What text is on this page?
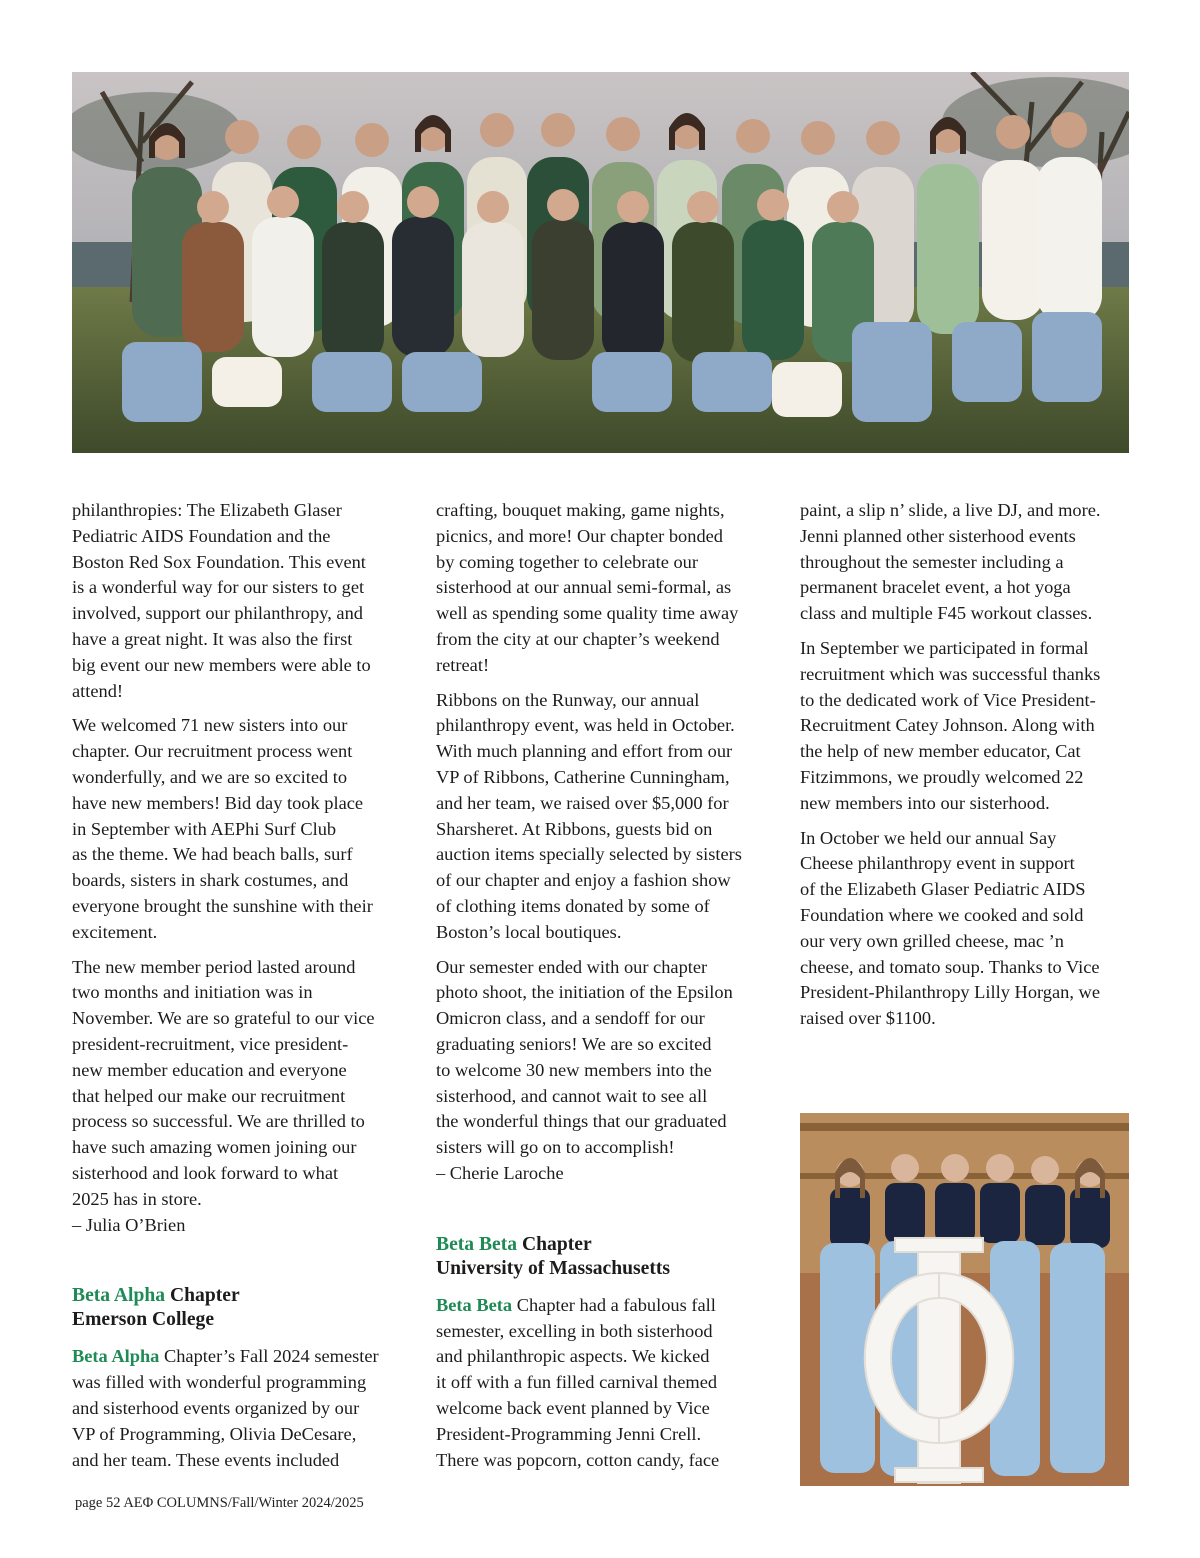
philanthropies: The Elizabeth Glaser
Pediatric AIDS Foundation and the
Boston Red Sox Foundation. This event
is a wonderful way for our sisters to get
involved, support our philanthropy, and
have a great night. It was also the first
big event our new members were able to
attend!

We welcomed 71 new sisters into our
chapter. Our recruitment process went
wonderfully, and we are so excited to
have new members! Bid day took place
in September with AEPhi Surf Club
as the theme. We had beach balls, surf
boards, sisters in shark costumes, and
everyone brought the sunshine with their
excitement.

The new member period lasted around
two months and initiation was in
November. We are so grateful to our vice
president-recruitment, vice president-
new member education and everyone
that helped our make our recruitment
process so successful. We are thrilled to
have such amazing women joining our
sisterhood and look forward to what
2025 has in store.

– Julia O’Brien

Beta Alpha Chapter
Emerson College

Beta Alpha Chapter’s Fall 2024 semester
was filled with wonderful programming
and sisterhood events organized by our
VP of Programming, Olivia DeCesare,
and her team. These events included

crafting, bouquet making, game nights,
picnics, and more! Our chapter bonded
by coming together to celebrate our
sisterhood at our annual semi-formal, as
well as spending some quality time away
from the city at our chapter’s weekend
retreat!

Ribbons on the Runway, our annual
philanthropy event, was held in October.
With much planning and effort from our
VP of Ribbons, Catherine Cunningham,
and her team, we raised over $5,000 for
Sharsheret. At Ribbons, guests bid on
auction items specially selected by sisters
of our chapter and enjoy a fashion show
of clothing items donated by some of
Boston’s local boutiques.

Our semester ended with our chapter
photo shoot, the initiation of the Epsilon
Omicron class, and a sendoff for our
graduating seniors! We are so excited
to welcome 30 new members into the
sisterhood, and cannot wait to see all
the wonderful things that our graduated
sisters will go on to accomplish!

– Cherie Laroche

Beta Beta Chapter
University of Massachusetts

Beta Beta Chapter had a fabulous fall
semester, excelling in both sisterhood
and philanthropic aspects. We kicked
it off with a fun filled carnival themed
welcome back event planned by Vice
President-Programming Jenni Crell.
There was popcorn, cotton candy, face

paint, a slip n’ slide, a live DJ, and more.
Jenni planned other sisterhood events
throughout the semester including a
permanent bracelet event, a hot yoga
class and multiple F45 workout classes.

In September we participated in formal
recruitment which was successful thanks
to the dedicated work of Vice President-
Recruitment Catey Johnson. Along with
the help of new member educator, Cat
Fitzimmons, we proudly welcomed 22
new members into our sisterhood.

In October we held our annual Say
Cheese philanthropy event in support
of the Elizabeth Glaser Pediatric AIDS
Foundation where we cooked and sold
our very own grilled cheese, mac ’n
cheese, and tomato soup. Thanks to Vice
President-Philanthropy Lilly Horgan, we
raised over $1100.

page 52 AEΦ COLUMNS/Fall/Winter 2024/2025
